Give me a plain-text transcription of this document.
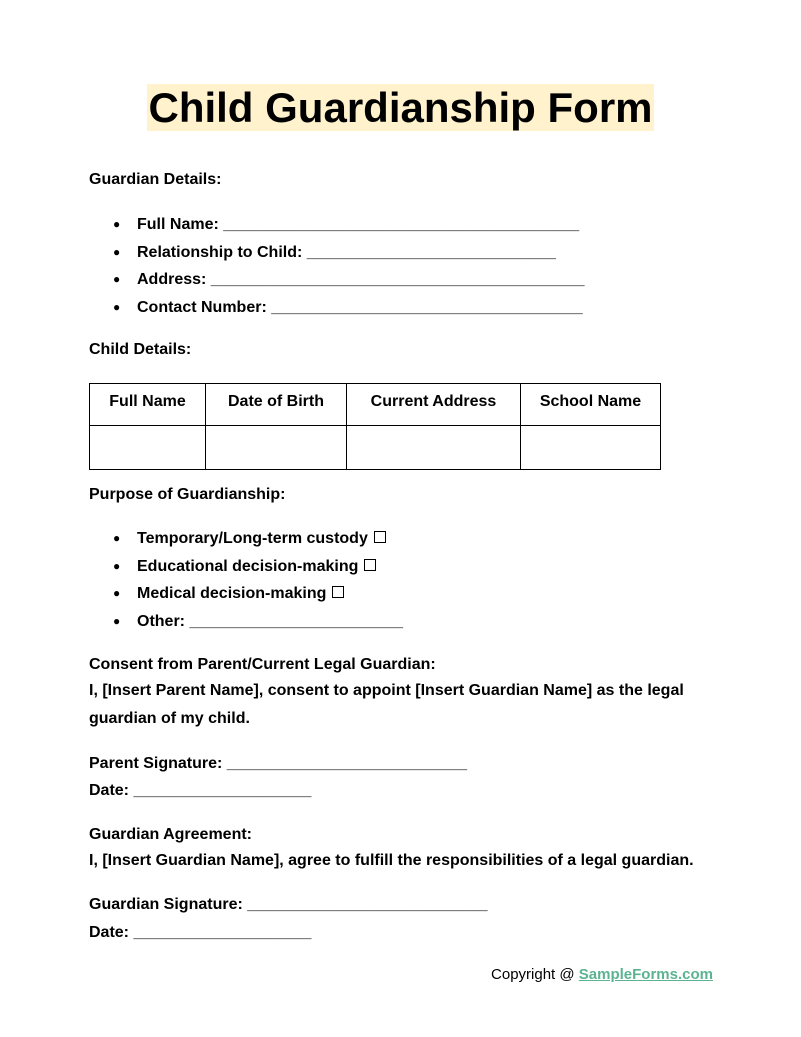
Child Guardianship Form
Guardian Details:
● Full Name: ________________________________________
● Relationship to Child: ____________________________
● Address: __________________________________________
● Contact Number: ___________________________________
Child Details:
Full Name	Date of Birth	Current Address	School Name

Purpose of Guardianship:
● Temporary/Long-term custody
● Educational decision-making
● Medical decision-making
● Other: ________________________
Consent from Parent/Current Legal Guardian:
I, [Insert Parent Name], consent to appoint [Insert Guardian Name] as the legal guardian of my child.
Parent Signature: ___________________________
Date: ____________________
Guardian Agreement:
I, [Insert Guardian Name], agree to fulfill the responsibilities of a legal guardian.
Guardian Signature: ___________________________
Date: ____________________
Copyright @ SampleForms.com
